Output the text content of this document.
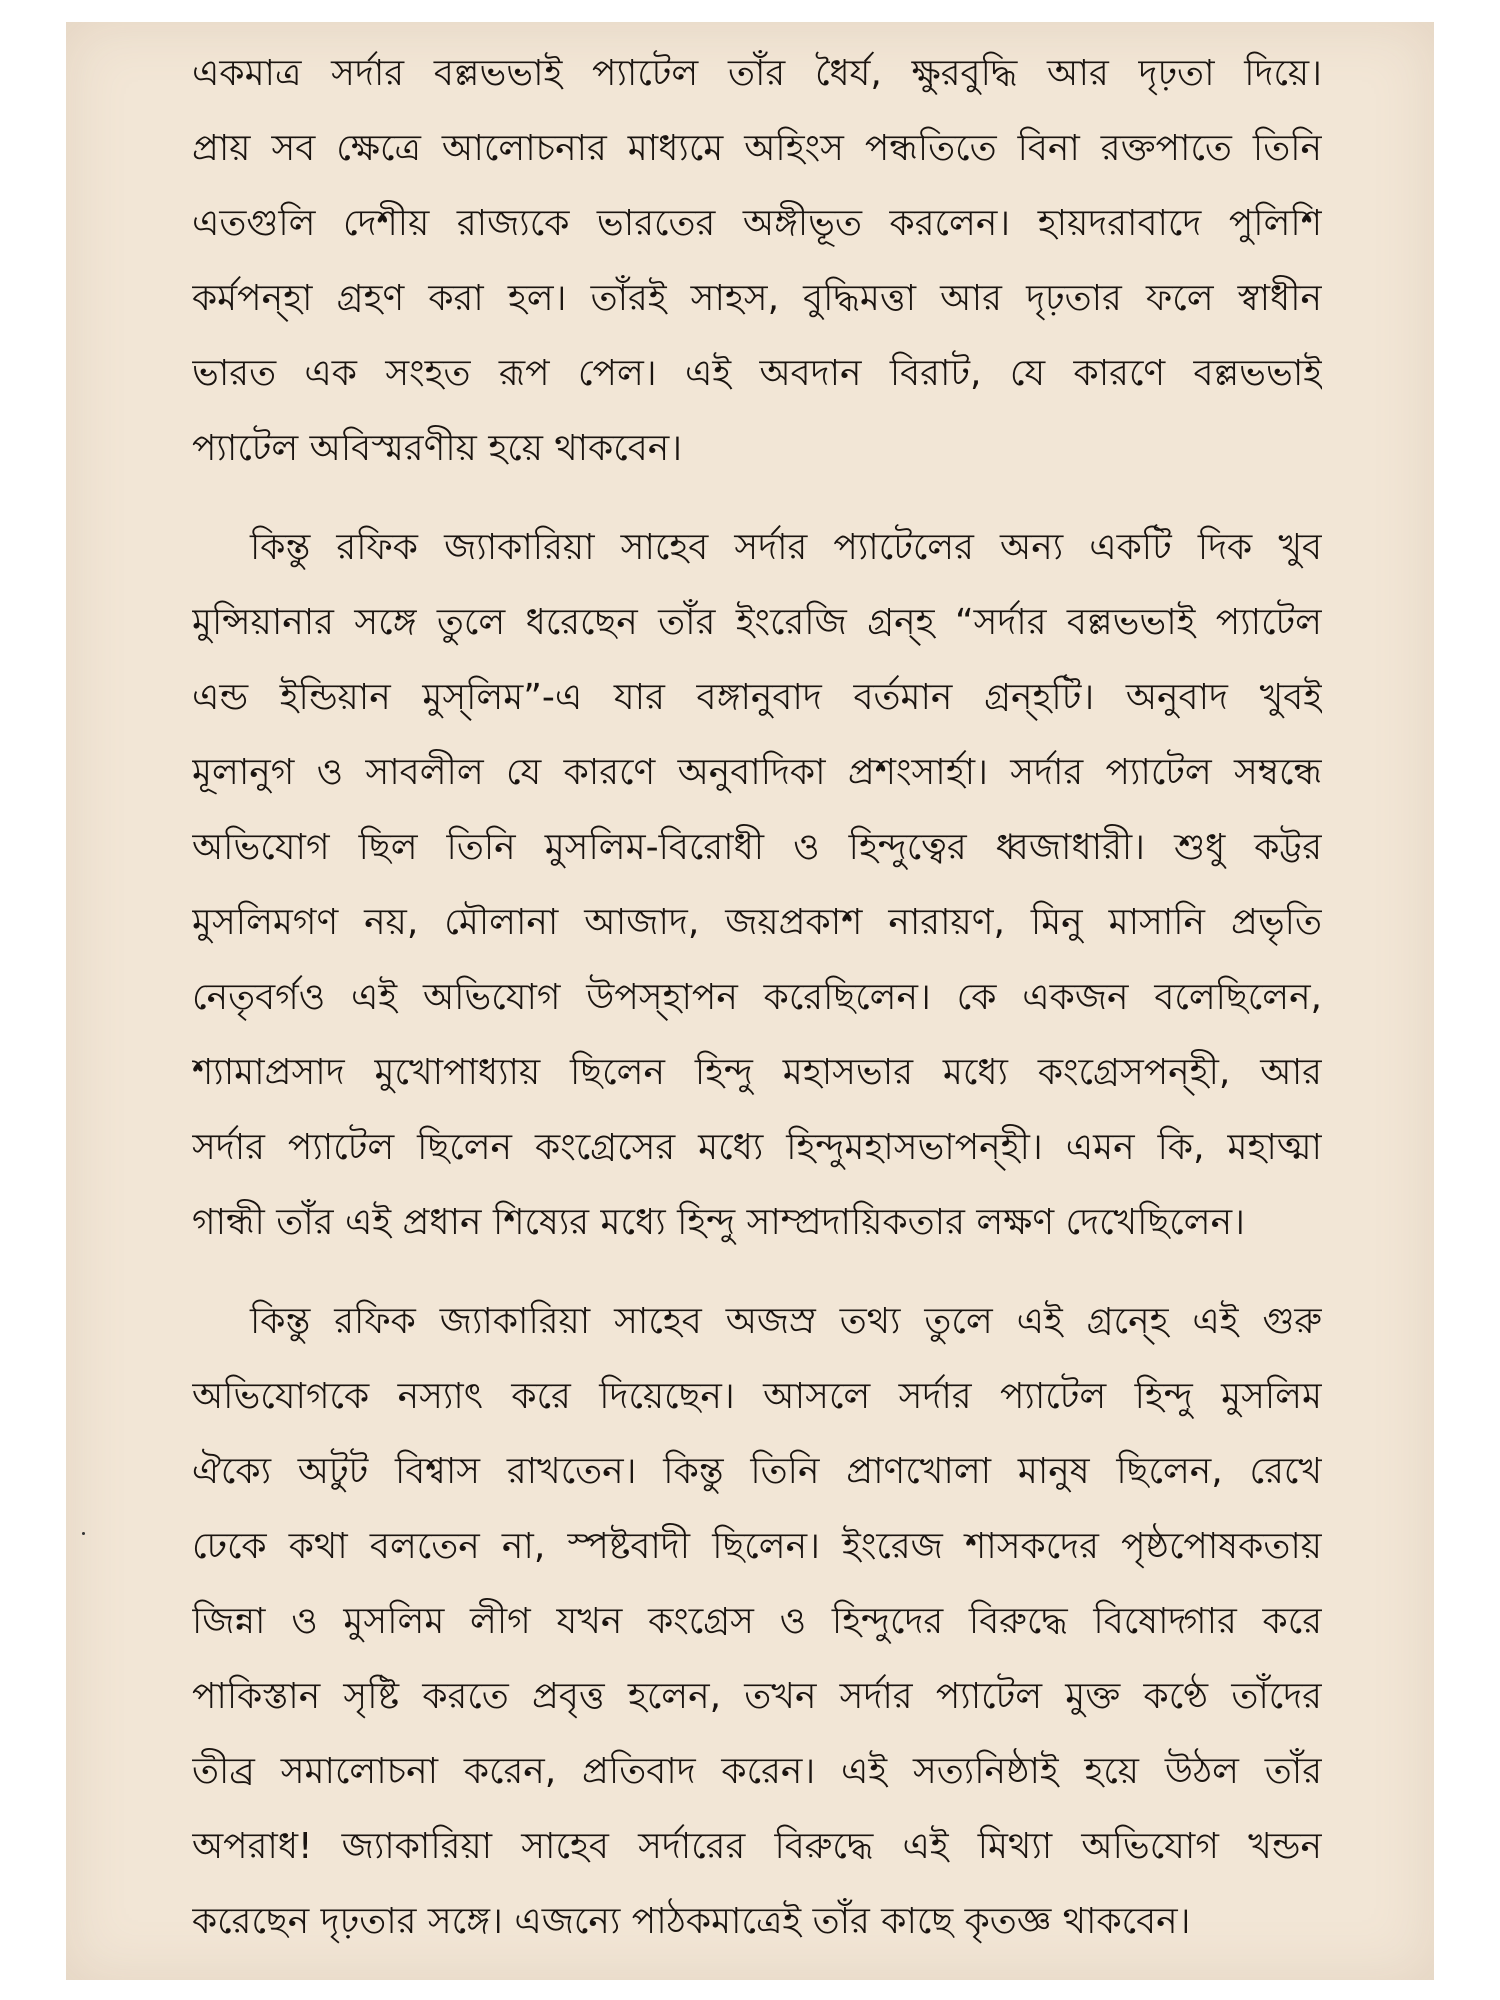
একমাত্র সর্দার বল্লভভাই প্যাটেল তাঁর ধৈর্য, ক্ষুরবুদ্ধি আর দৃঢ়তা দিয়ে।
প্রায় সব ক্ষেত্রে আলোচনার মাধ্যমে অহিংস পন্ধতিতে বিনা রক্তপাতে তিনি
এতগুলি দেশীয় রাজ্যকে ভারতের অঙ্গীভূত করলেন। হায়দরাবাদে পুলিশি
কর্মপন্হা গ্রহণ করা হল। তাঁরই সাহস, বুদ্ধিমত্তা আর দৃঢ়তার ফলে স্বাধীন
ভারত এক সংহত রূপ পেল। এই অবদান বিরাট, যে কারণে বল্লভভাই
প্যাটেল অবিস্মরণীয় হয়ে থাকবেন।

কিন্তু রফিক জ্যাকারিয়া সাহেব সর্দার প্যাটেলের অন্য একটি দিক খুব
মুন্সিয়ানার সঙ্গে তুলে ধরেছেন তাঁর ইংরেজি গ্রন্হ “সর্দার বল্লভভাই প্যাটেল
এন্ড ইন্ডিয়ান মুস্‌লিম”-এ যার বঙ্গানুবাদ বর্তমান গ্রন্হটি। অনুবাদ খুবই
মূলানুগ ও সাবলীল যে কারণে অনুবাদিকা প্রশংসার্হা। সর্দার প্যাটেল সম্বন্ধে
অভিযোগ ছিল তিনি মুসলিম-বিরোধী ও হিন্দুত্বের ধ্বজাধারী। শুধু কট্টর
মুসলিমগণ নয়, মৌলানা আজাদ, জয়প্রকাশ নারায়ণ, মিনু মাসানি প্রভৃতি
নেতৃবর্গও এই অভিযোগ উপস্হাপন করেছিলেন। কে একজন বলেছিলেন,
শ্যামাপ্রসাদ মুখোপাধ্যায় ছিলেন হিন্দু মহাসভার মধ্যে কংগ্রেসপন্হী, আর
সর্দার প্যাটেল ছিলেন কংগ্রেসের মধ্যে হিন্দুমহাসভাপন্হী। এমন কি, মহাত্মা
গান্ধী তাঁর এই প্রধান শিষ্যের মধ্যে হিন্দু সাম্প্রদায়িকতার লক্ষণ দেখেছিলেন।

কিন্তু রফিক জ্যাকারিয়া সাহেব অজস্র তথ্য তুলে এই গ্রন্হে এই গুরু
অভিযোগকে নস্যাৎ করে দিয়েছেন। আসলে সর্দার প্যাটেল হিন্দু মুসলিম
ঐক্যে অটুট বিশ্বাস রাখতেন। কিন্তু তিনি প্রাণখোলা মানুষ ছিলেন, রেখে
ঢেকে কথা বলতেন না, স্পষ্টবাদী ছিলেন। ইংরেজ শাসকদের পৃষ্ঠপোষকতায়
জিন্না ও মুসলিম লীগ যখন কংগ্রেস ও হিন্দুদের বিরুদ্ধে বিষোদ্গার করে
পাকিস্তান সৃষ্টি করতে প্রবৃত্ত হলেন, তখন সর্দার প্যাটেল মুক্ত কণ্ঠে তাঁদের
তীব্র সমালোচনা করেন, প্রতিবাদ করেন। এই সত্যনিষ্ঠাই হয়ে উঠল তাঁর
অপরাধ! জ্যাকারিয়া সাহেব সর্দারের বিরুদ্ধে এই মিথ্যা অভিযোগ খন্ডন
করেছেন দৃঢ়তার সঙ্গে। এজন্যে পাঠকমাত্রেই তাঁর কাছে কৃতজ্ঞ থাকবেন।
